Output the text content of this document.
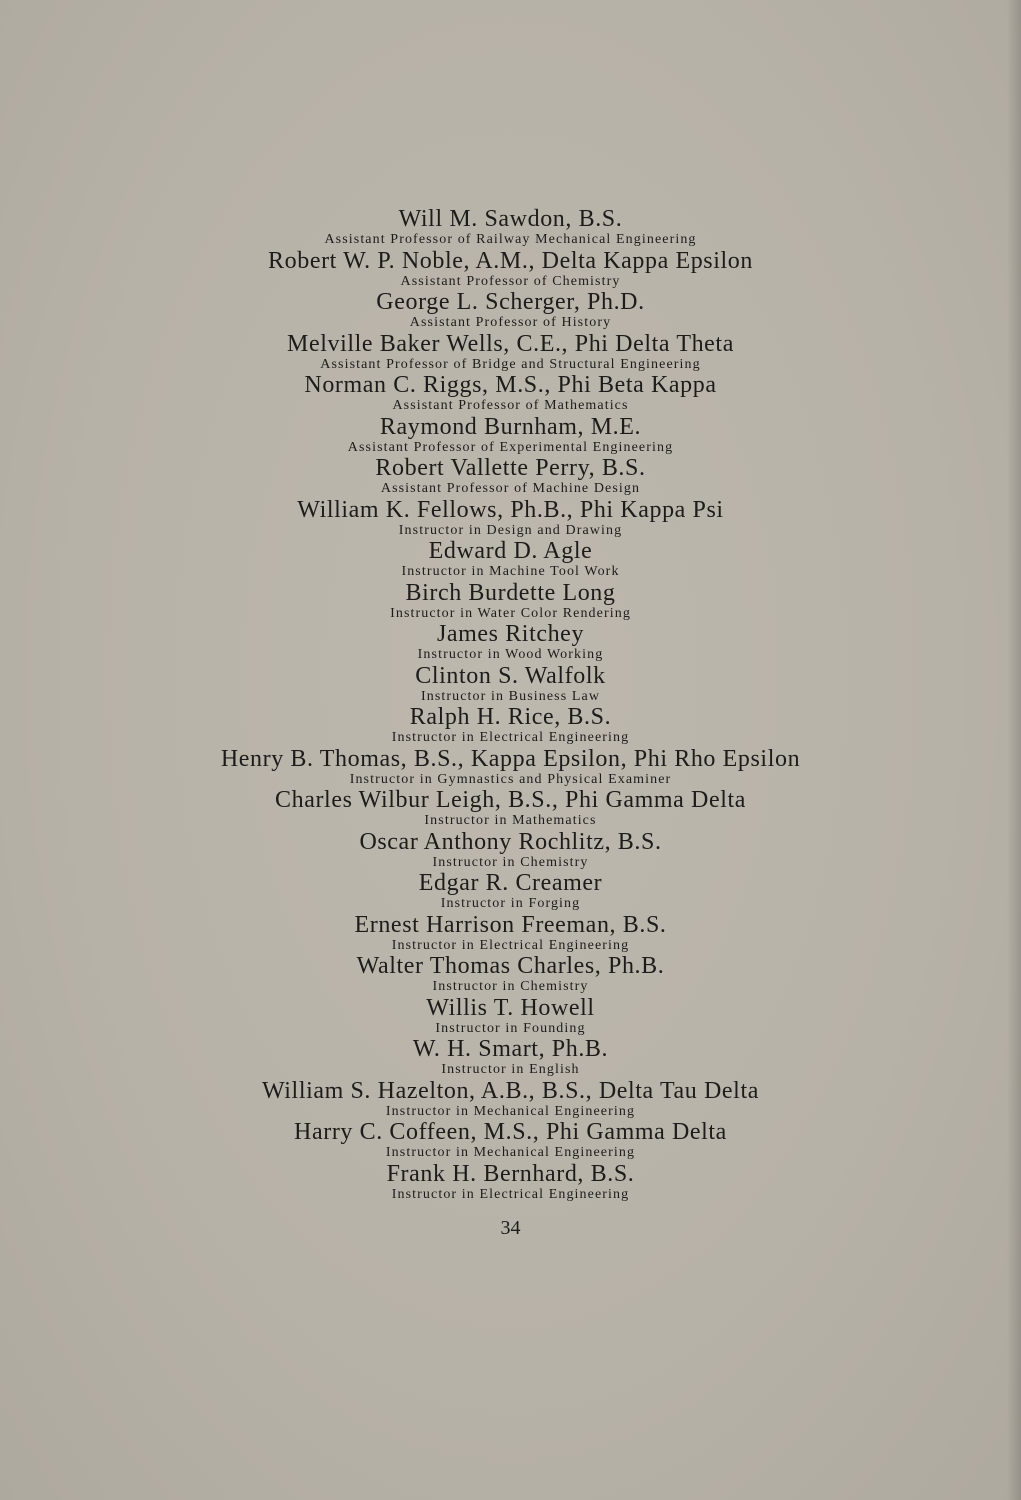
Will M. Sawdon, B.S.
Assistant Professor of Railway Mechanical Engineering
Robert W. P. Noble, A.M., Delta Kappa Epsilon
Assistant Professor of Chemistry
George L. Scherger, Ph.D.
Assistant Professor of History
Melville Baker Wells, C.E., Phi Delta Theta
Assistant Professor of Bridge and Structural Engineering
Norman C. Riggs, M.S., Phi Beta Kappa
Assistant Professor of Mathematics
Raymond Burnham, M.E.
Assistant Professor of Experimental Engineering
Robert Vallette Perry, B.S.
Assistant Professor of Machine Design
William K. Fellows, Ph.B., Phi Kappa Psi
Instructor in Design and Drawing
Edward D. Agle
Instructor in Machine Tool Work
Birch Burdette Long
Instructor in Water Color Rendering
James Ritchey
Instructor in Wood Working
Clinton S. Walfolk
Instructor in Business Law
Ralph H. Rice, B.S.
Instructor in Electrical Engineering
Henry B. Thomas, B.S., Kappa Epsilon, Phi Rho Epsilon
Instructor in Gymnastics and Physical Examiner
Charles Wilbur Leigh, B.S., Phi Gamma Delta
Instructor in Mathematics
Oscar Anthony Rochlitz, B.S.
Instructor in Chemistry
Edgar R. Creamer
Instructor in Forging
Ernest Harrison Freeman, B.S.
Instructor in Electrical Engineering
Walter Thomas Charles, Ph.B.
Instructor in Chemistry
Willis T. Howell
Instructor in Founding
W. H. Smart, Ph.B.
Instructor in English
William S. Hazelton, A.B., B.S., Delta Tau Delta
Instructor in Mechanical Engineering
Harry C. Coffeen, M.S., Phi Gamma Delta
Instructor in Mechanical Engineering
Frank H. Bernhard, B.S.
Instructor in Electrical Engineering
34
